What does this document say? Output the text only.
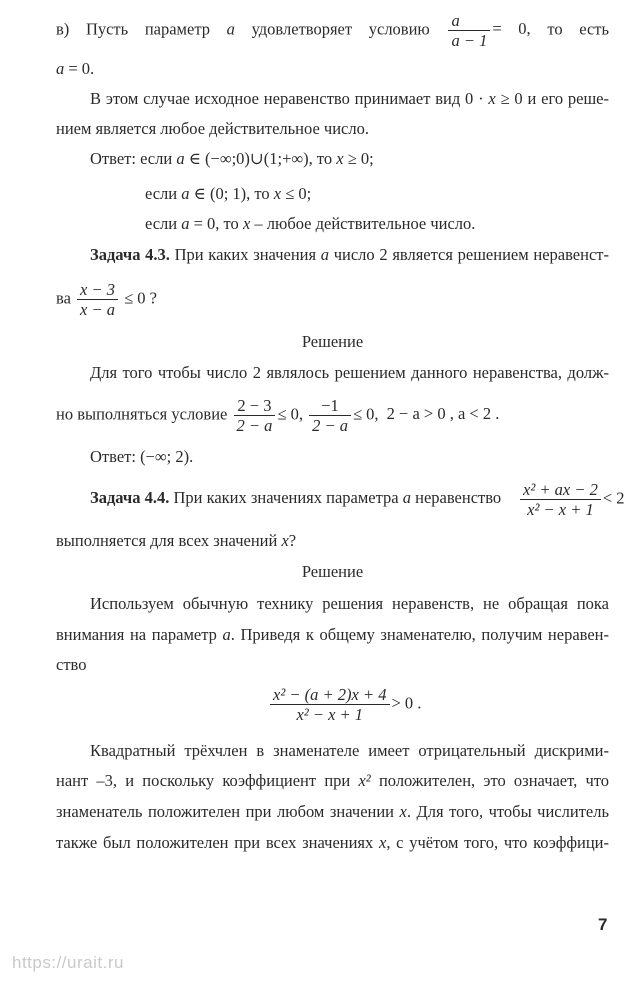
в) Пусть параметр a удовлетворяет условию $\frac{a}{a - 1} = 0$, то есть
a = 0.
В этом случае исходное неравенство принимает вид 0 · x ≥ 0 и его реше-
нием является любое действительное число.
Ответ: если a ∈ (−∞;0)∪(1;+∞), то x ≥ 0;
если a ∈ (0; 1), то x ≤ 0;
если a = 0, то x – любое действительное число.
Задача 4.3. При каких значения a число 2 является решением неравенст-
ва $\frac{x - 3}{x - a} \le 0$ ?
Решение
Для того чтобы число 2 являлось решением данного неравенства, долж-
но выполняться условие $\frac{2 - 3}{2 - a} \le 0$, $\frac{-1}{2 - a} \le 0$, 2 − a > 0 , a < 2 .
Ответ: (−∞; 2).
Задача 4.4. При каких значениях параметра a неравенство $\frac{\text{x² + ax − 2}}{\text{x² − x + 1}} < 2$
выполняется для всех значений x?
Решение
Используем обычную технику решения неравенств, не обращая пока
внимания на параметр a. Приведя к общему знаменателю, получим неравен-
ство
$\frac{\text{x² − (a + 2)x + 4}}{\text{x² − x + 1}} > 0$ .
Квадратный трёхчлен в знаменателе имеет отрицательный дискрими-
нант –3, и поскольку коэффициент при x² положителен, это означает, что
знаменатель положителен при любом значении x. Для того, чтобы числитель
также был положителен при всех значениях x, с учётом того, что коэффици-
7
https://urait.ru
